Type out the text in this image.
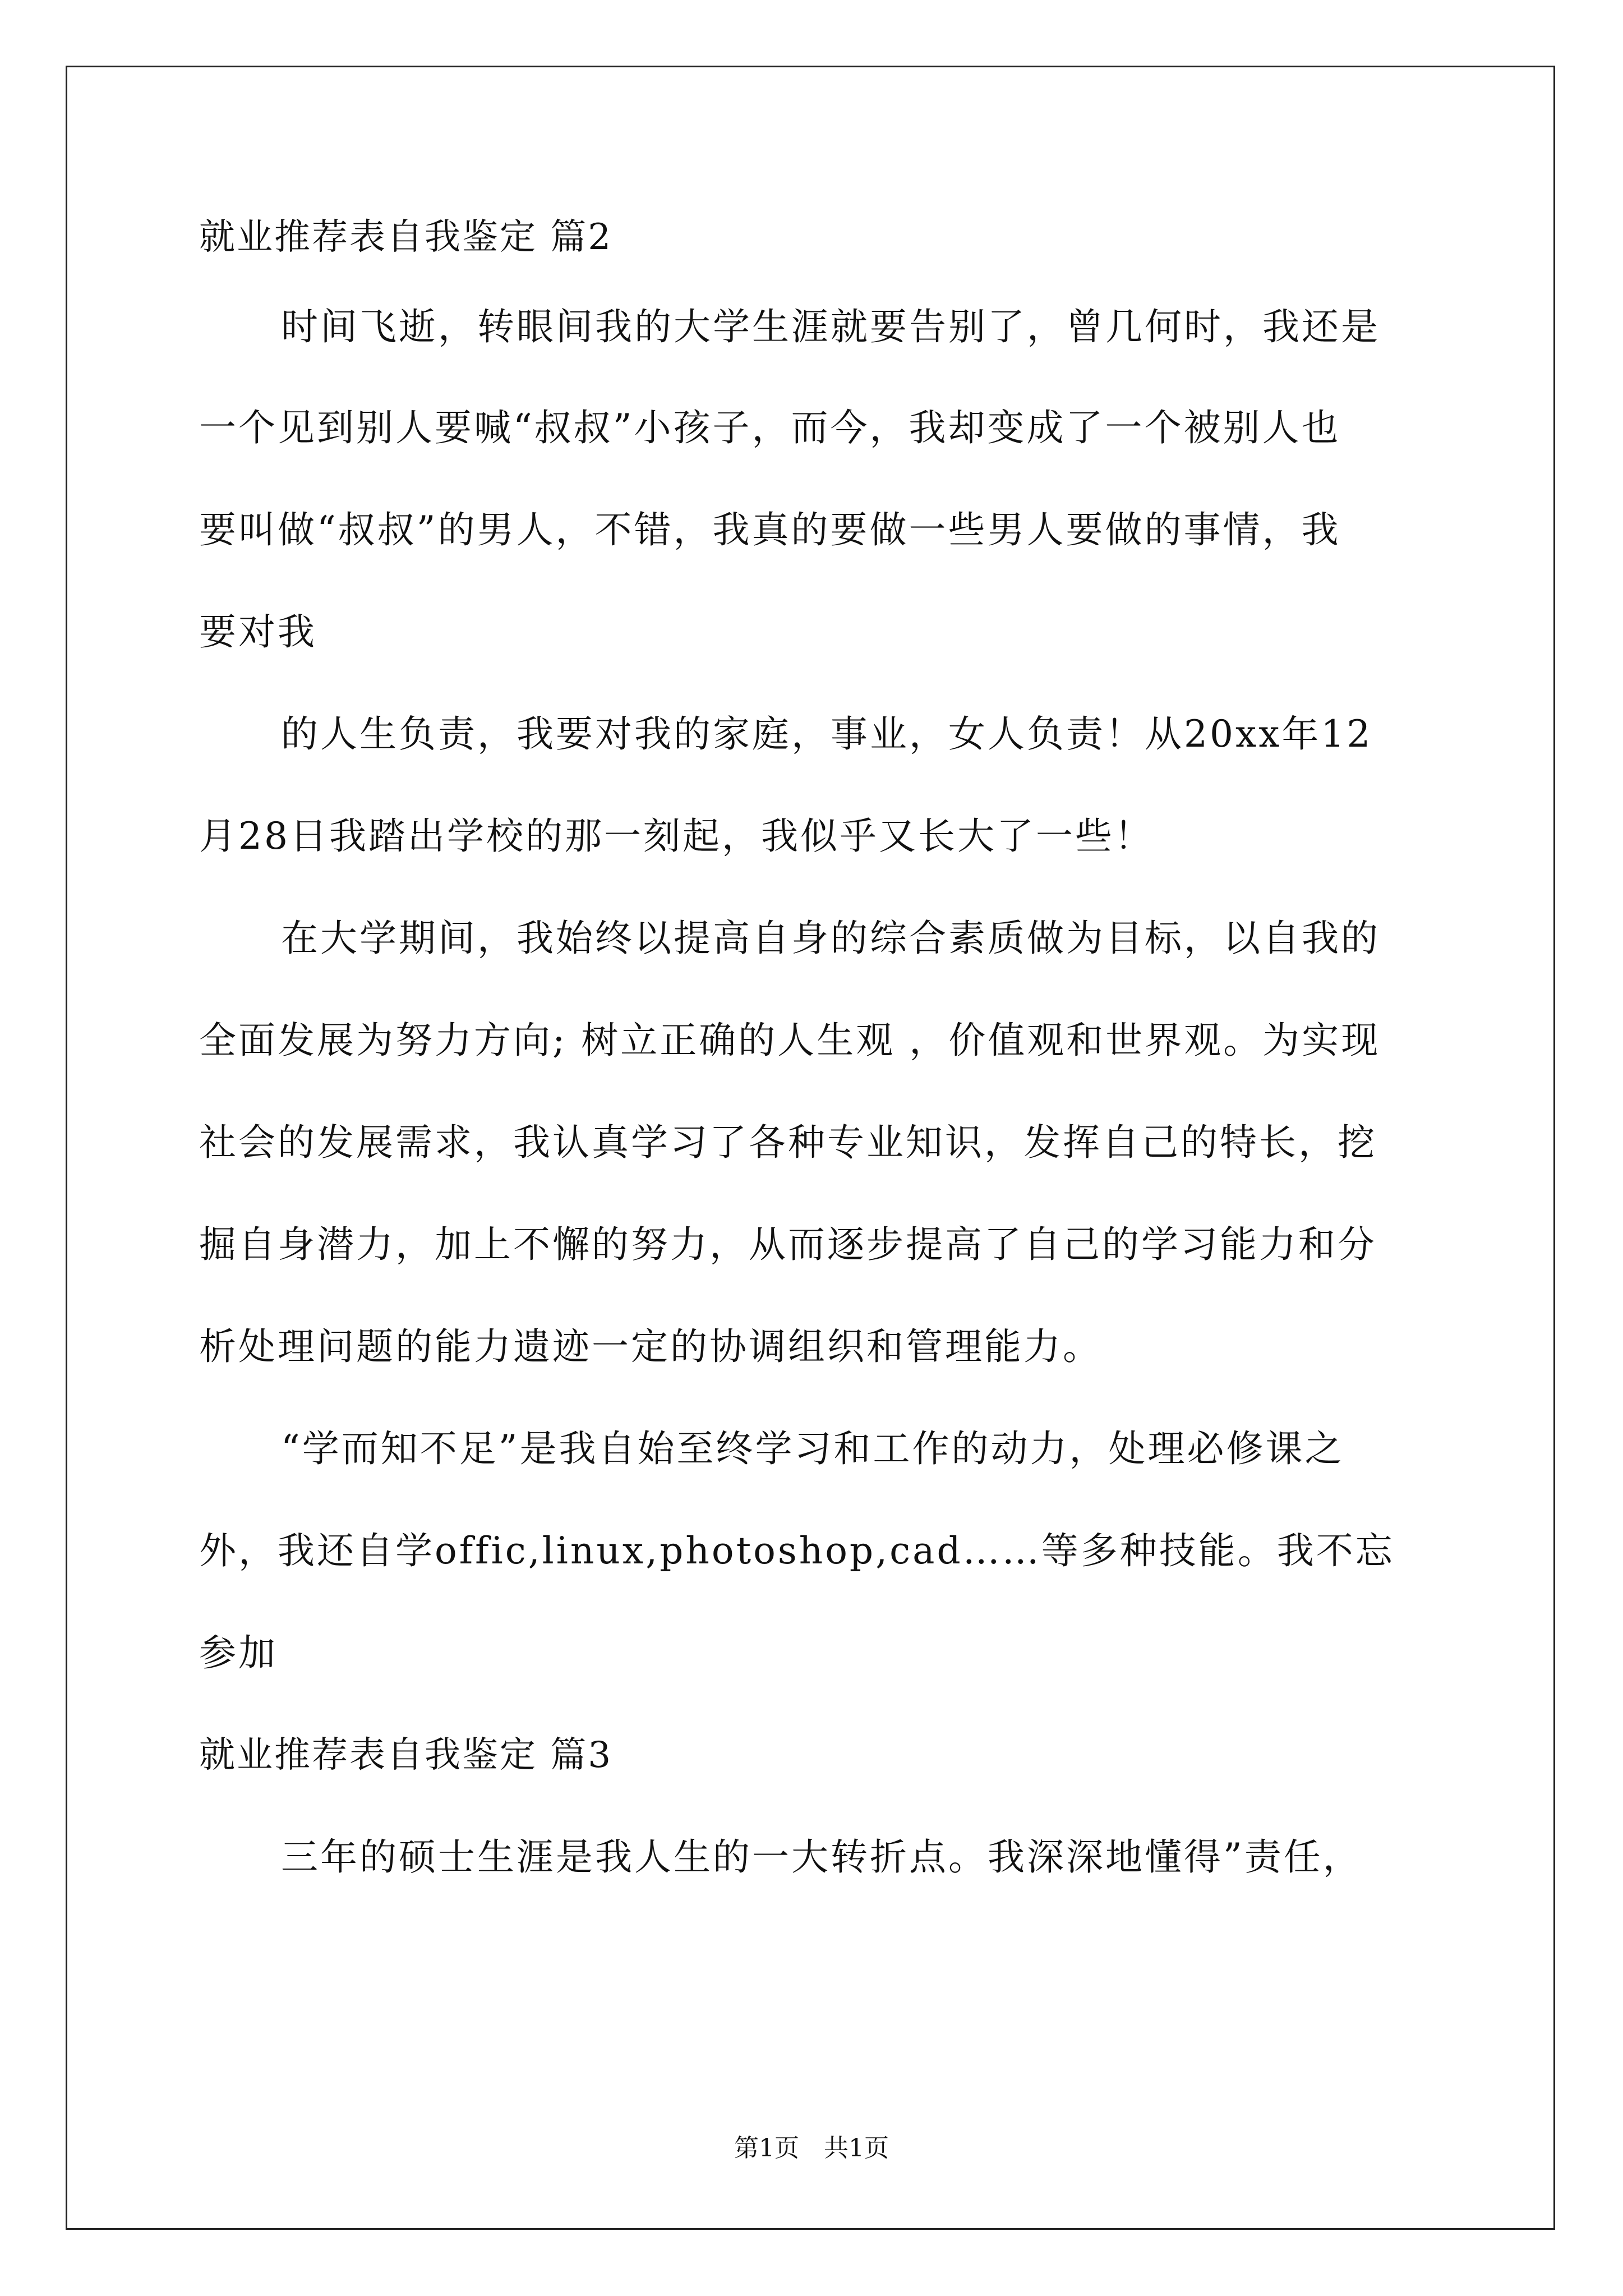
就业推荐表自我鉴定 篇2
时间飞逝，转眼间我的大学生涯就要告别了，曾几何时，我还是
一个见到别人要喊“叔叔”小孩子，而今，我却变成了一个被别人也
要叫做“叔叔”的男人，不错，我真的要做一些男人要做的事情，我
要对我
的人生负责，我要对我的家庭，事业，女人负责！从20xx年12
月28日我踏出学校的那一刻起，我似乎又长大了一些！
在大学期间，我始终以提高自身的综合素质做为目标，以自我的
全面发展为努力方向; 树立正确的人生观 ，价值观和世界观。为实现
社会的发展需求，我认真学习了各种专业知识，发挥自己的特长，挖
掘自身潜力，加上不懈的努力，从而逐步提高了自己的学习能力和分
析处理问题的能力遗迹一定的协调组织和管理能力。
“学而知不足”是我自始至终学习和工作的动力，处理必修课之
外，我还自学offic,linux,photoshop,cad……等多种技能。我不忘
参加
就业推荐表自我鉴定 篇3
三年的硕士生涯是我人生的一大转折点。我深深地懂得”责任，
第1页　共1页
